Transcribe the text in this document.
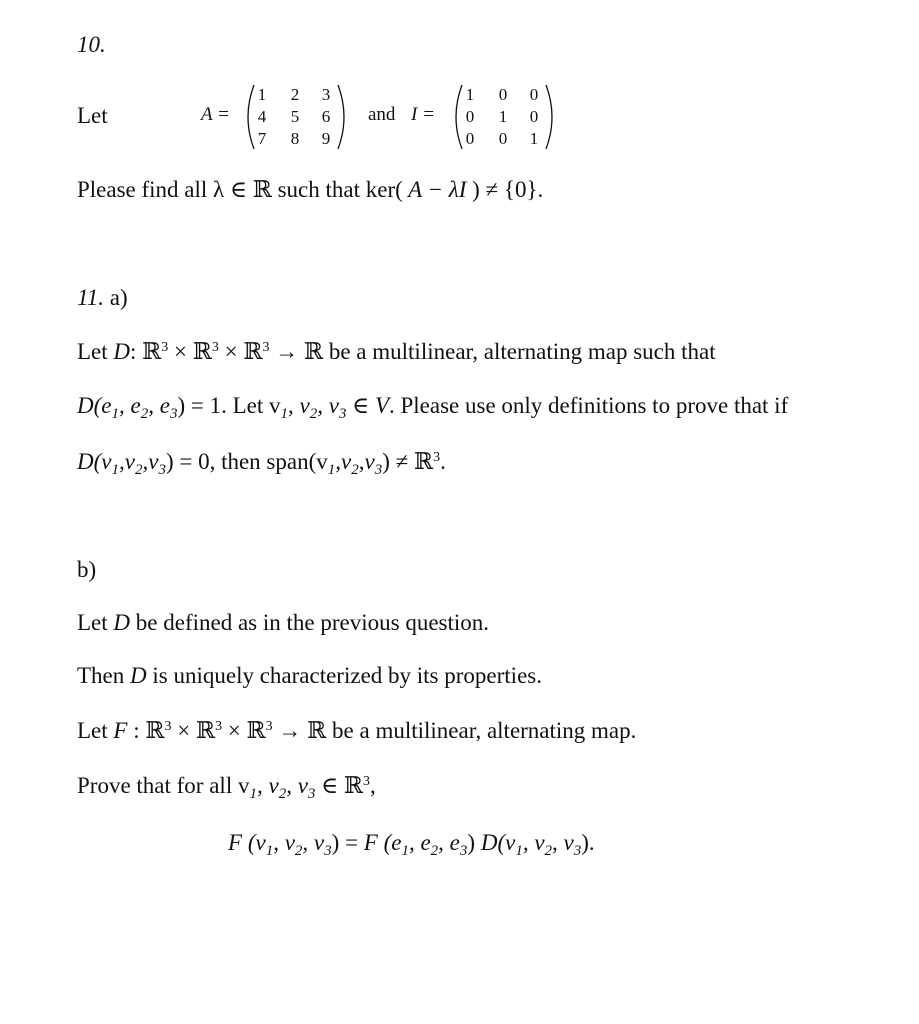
10.
Let	A =
1 2 3
4 5 6
7 8 9
and I =
1 0 0
0 1 0
0 0 1
Please find all λ ∈ ℝ such that ker( A − λI ) ≠ {0}.
11. a)
Let D: ℝ$^3$ × ℝ$^3$ × ℝ$^3$ → ℝ be a multilinear, alternating map such that
$D(e_1$, $e_2$, $e_3) = 1$. Let $v_1$, $v_2$, $v_3$ ∈ V. Please use only definitions to prove that if
$D(v_1,v_2,v_3) = 0$, then $span(v_1,v_2,v_3)$ ≠ ℝ$^3$.
b)
Let D be defined as in the previous question.
Then D is uniquely characterized by its properties.
Let F : ℝ$^3$ × ℝ$^3$ × ℝ$^3$ → ℝ be a multilinear, alternating map.
Prove that for all $v_1$, $v_2$, $v_3$ ∈ ℝ$^3$,
F ($v_1$, $v_2$, $v_3) = F$ ($e_1$, $e_2$, $e_3$) $D(v_1$, $v_2$, $v_3$).
